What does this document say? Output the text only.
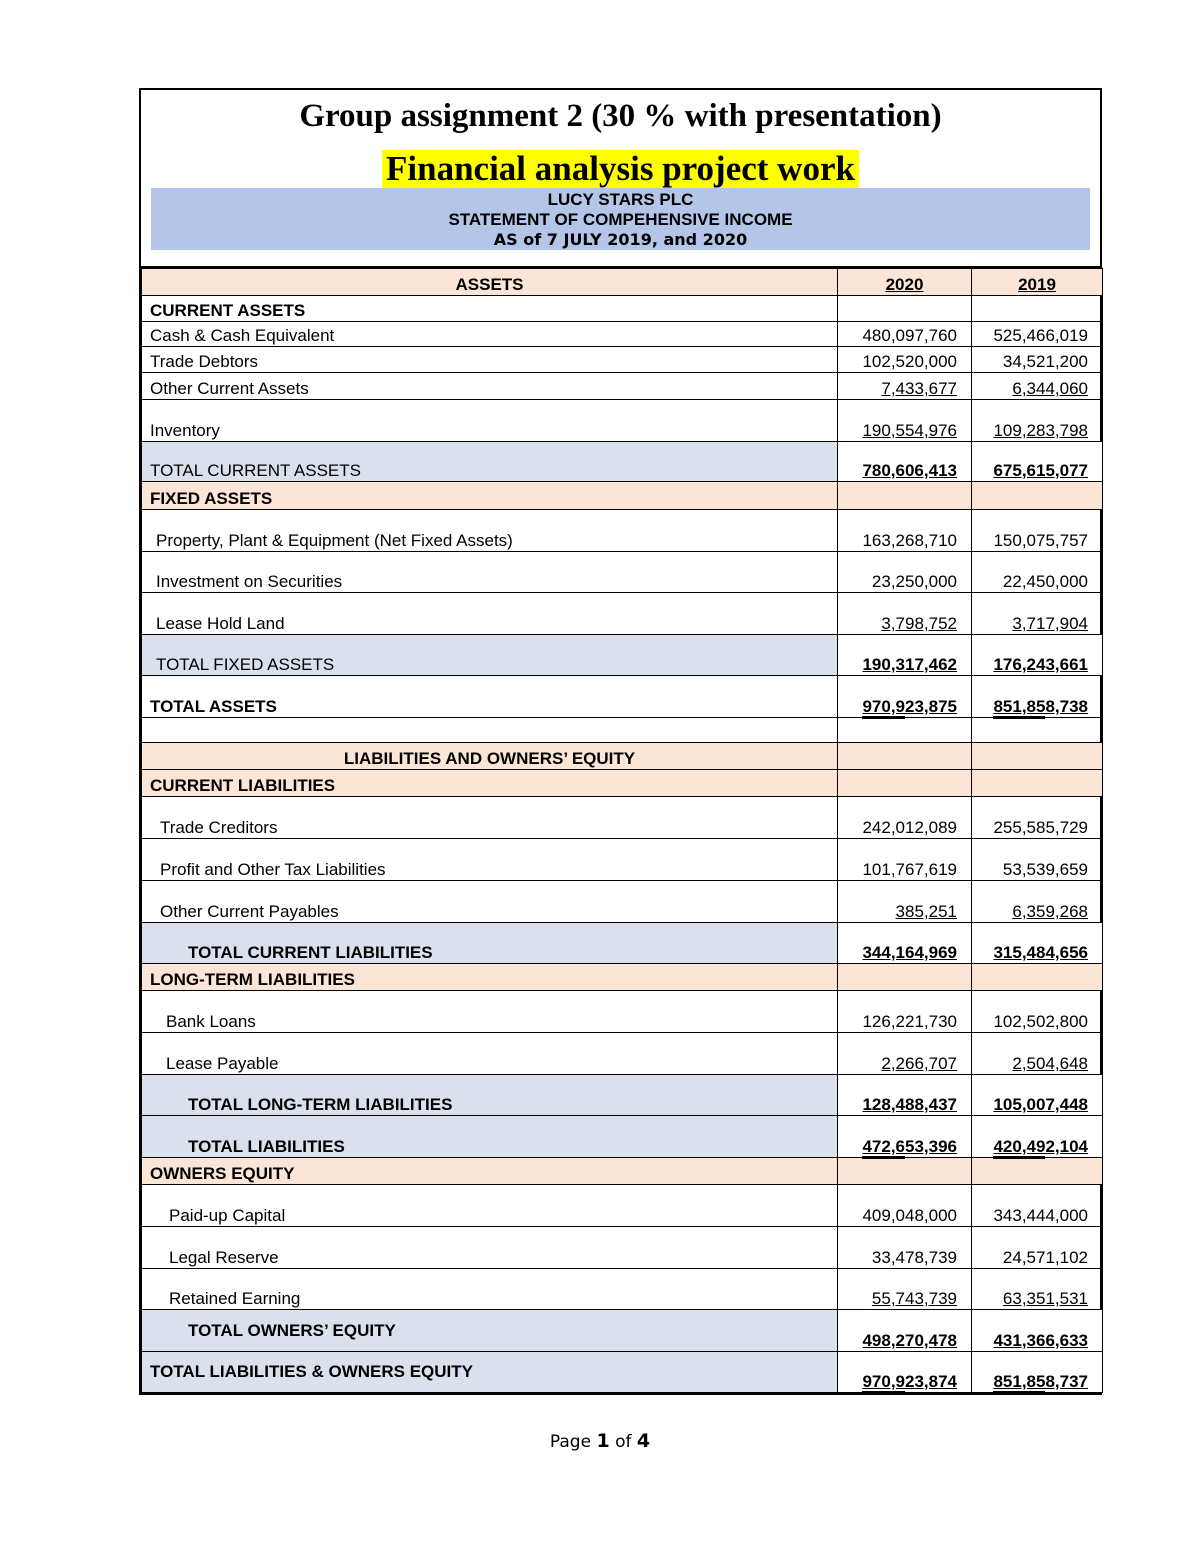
Group assignment 2 (30 % with presentation)
Financial analysis project work
LUCY STARS PLC
STATEMENT OF COMPEHENSIVE INCOME
AS of 7 JULY 2019, and 2020
ASSETS	2020	2019
CURRENT ASSETS		
Cash & Cash Equivalent	480,097,760	525,466,019
Trade Debtors	102,520,000	34,521,200
Other Current Assets	7,433,677	6,344,060
Inventory	190,554,976	109,283,798
TOTAL CURRENT ASSETS	780,606,413	675,615,077
FIXED ASSETS		
Property, Plant & Equipment (Net Fixed Assets)	163,268,710	150,075,757

Investment on Securities	23,250,000	22,450,000

Lease Hold Land	3,798,752	3,717,904

TOTAL FIXED ASSETS	190,317,462	176,243,661

TOTAL ASSETS	970,923,875	851,858,738

LIABILITIES AND OWNERS’ EQUITY		
CURRENT LIABILITIES		
Trade Creditors	242,012,089	255,585,729

Profit and Other Tax Liabilities	101,767,619	53,539,659

Other Current Payables	385,251	6,359,268

TOTAL CURRENT LIABILITIES	344,164,969	315,484,656

LONG-TERM LIABILITIES		
Bank Loans	126,221,730	102,502,800

Lease Payable	2,266,707	2,504,648

TOTAL LONG-TERM LIABILITIES	128,488,437	105,007,448

TOTAL LIABILITIES	472,653,396	420,492,104

OWNERS EQUITY		
Paid-up Capital	409,048,000	343,444,000

Legal Reserve	33,478,739	24,571,102

Retained Earning	55,743,739	63,351,531

TOTAL OWNERS’ EQUITY	498,270,478	431,366,633

TOTAL LIABILITIES & OWNERS EQUITY	970,923,874	851,858,737
Page 1 of 4
